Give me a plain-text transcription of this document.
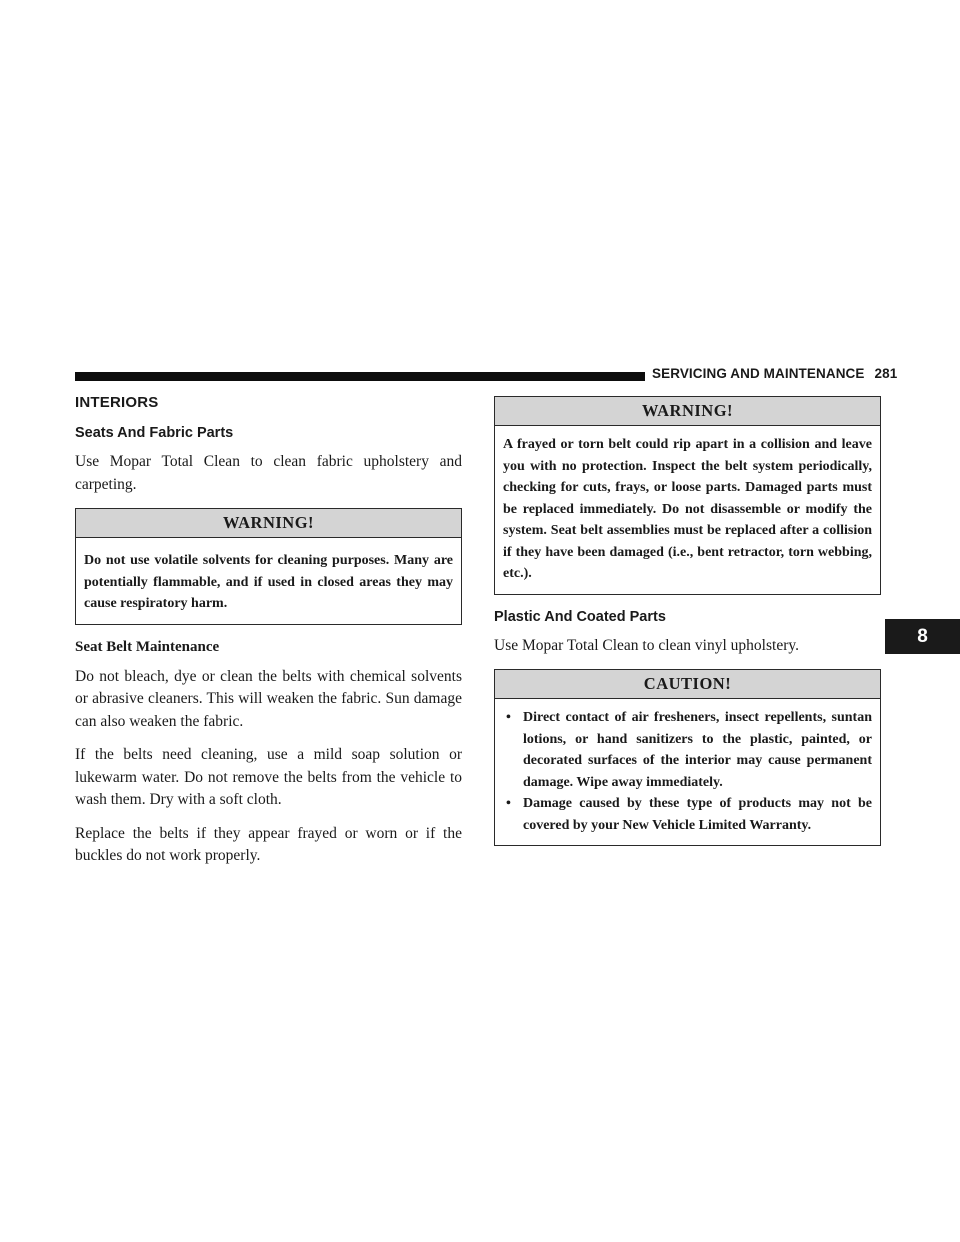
SERVICING AND MAINTENANCE 281
8
INTERIORS
Seats And Fabric Parts

Use Mopar Total Clean to clean fabric upholstery and carpeting.

WARNING!
Do not use volatile solvents for cleaning purposes. Many are potentially flammable, and if used in closed areas they may cause respiratory harm.
Seat Belt Maintenance

Do not bleach, dye or clean the belts with chemical solvents or abrasive cleaners. This will weaken the fabric. Sun damage can also weaken the fabric.

If the belts need cleaning, use a mild soap solution or lukewarm water. Do not remove the belts from the vehicle to wash them. Dry with a soft cloth.

Replace the belts if they appear frayed or worn or if the buckles do not work properly.

WARNING!
A frayed or torn belt could rip apart in a collision and leave you with no protection. Inspect the belt system periodically, checking for cuts, frays, or loose parts. Damaged parts must be replaced immediately. Do not disassemble or modify the system. Seat belt assemblies must be replaced after a collision if they have been damaged (i.e., bent retractor, torn webbing, etc.).
Plastic And Coated Parts

Use Mopar Total Clean to clean vinyl upholstery.

CAUTION!
• Direct contact of air fresheners, insect repellents, suntan lotions, or hand sanitizers to the plastic, painted, or decorated surfaces of the interior may cause permanent damage. Wipe away immediately.
• Damage caused by these type of products may not be covered by your New Vehicle Limited Warranty.
